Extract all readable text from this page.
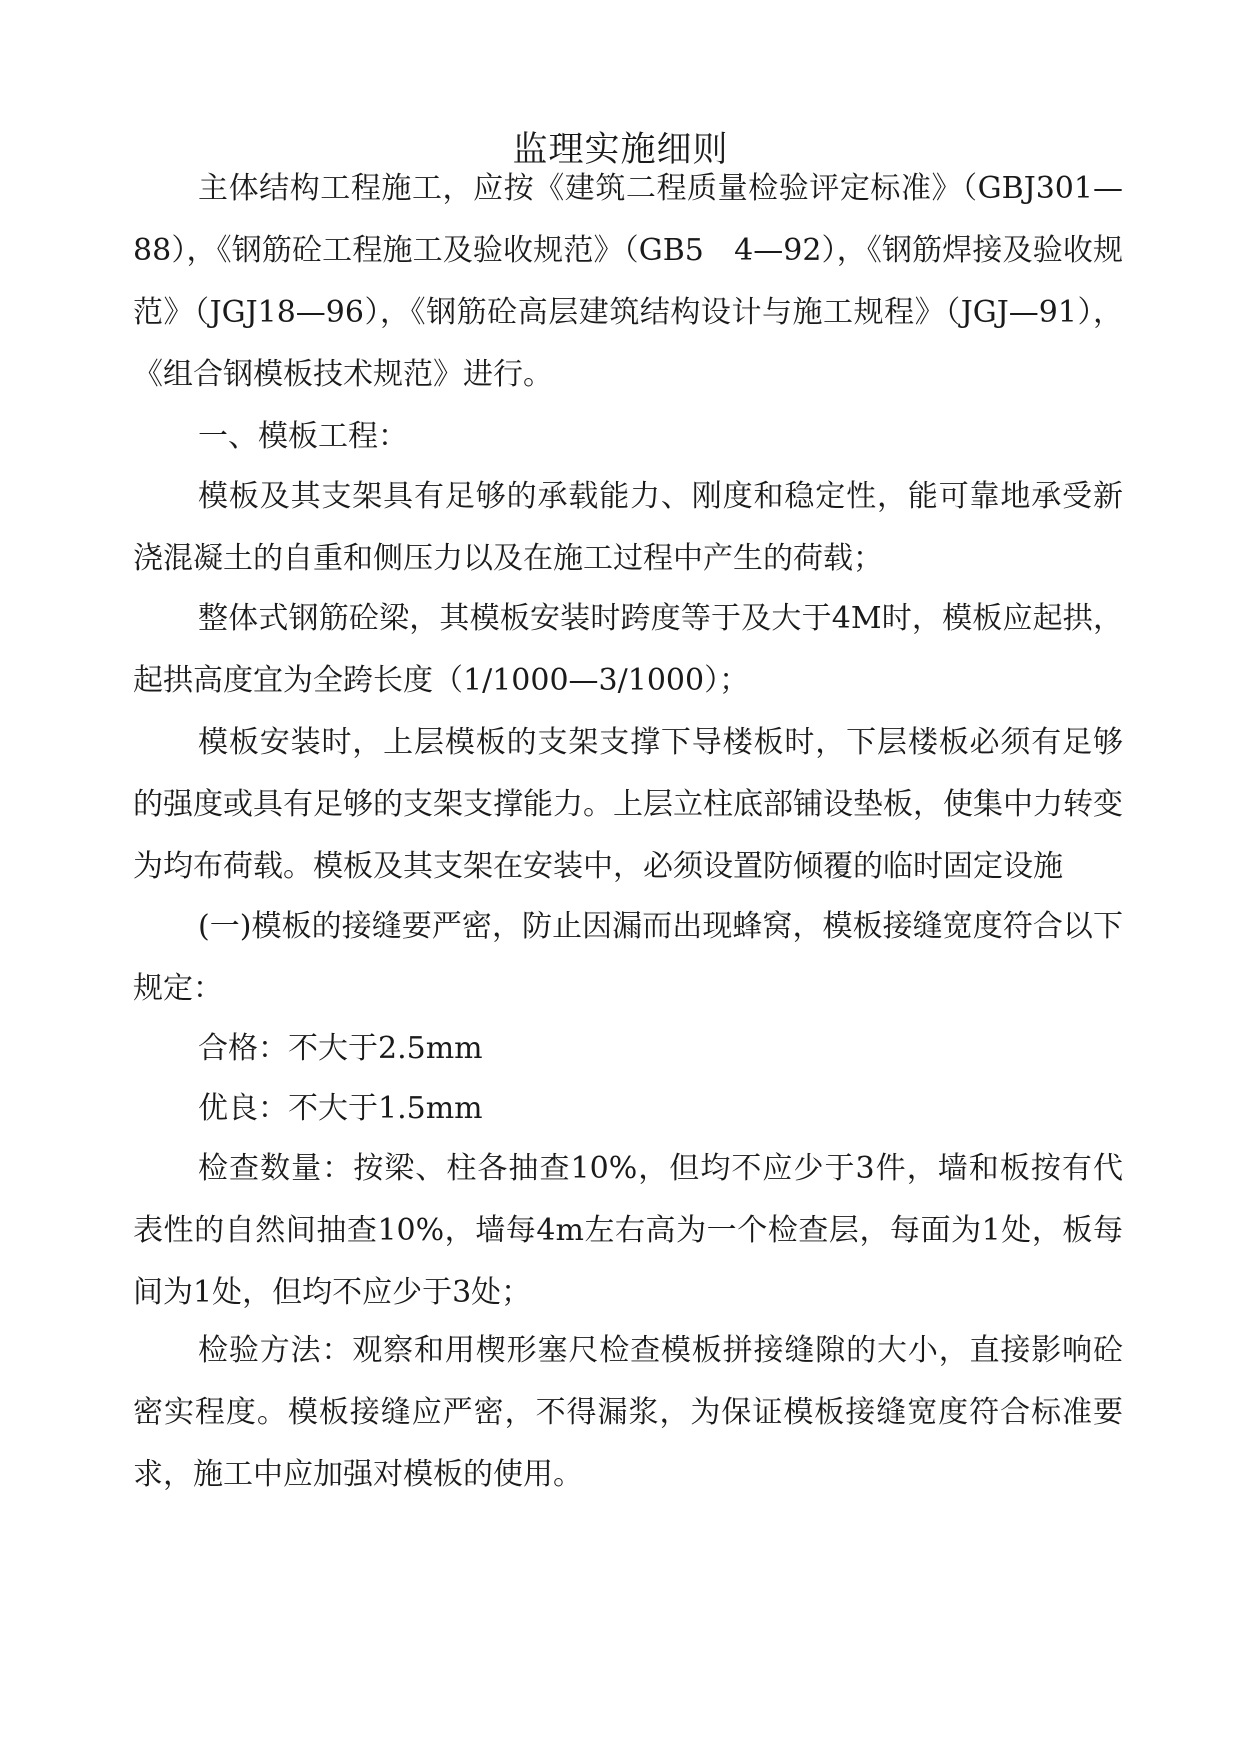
监理实施细则

主体结构工程施工，应按《建筑二程质量检验评定标准》（GBJ301—88），《钢筋砼工程施工及验收规范》（GB5　4—92），《钢筋焊接及验收规范》（JGJ18—96），《钢筋砼高层建筑结构设计与施工规程》（JGJ—91），《组合钢模板技术规范》进行。

一、模板工程：

模板及其支架具有足够的承载能力、刚度和稳定性，能可靠地承受新浇混凝土的自重和侧压力以及在施工过程中产生的荷载；

整体式钢筋砼梁，其模板安装时跨度等于及大于4M时，模板应起拱，起拱高度宜为全跨长度（1/1000—3/1000）；

模板安装时，上层模板的支架支撑下导楼板时，下层楼板必须有足够的强度或具有足够的支架支撑能力。上层立柱底部铺设垫板，使集中力转变为均布荷载。模板及其支架在安装中，必须设置防倾覆的临时固定设施

(一)模板的接缝要严密，防止因漏而出现蜂窝，模板接缝宽度符合以下规定：

合格：不大于2.5mm

优良：不大于1.5mm

检查数量：按梁、柱各抽查10%，但均不应少于3件，墙和板按有代表性的自然间抽查10%，墙每4m左右高为一个检查层，每面为1处，板每间为1处，但均不应少于3处；

检验方法：观察和用楔形塞尺检查模板拼接缝隙的大小，直接影响砼密实程度。模板接缝应严密，不得漏浆，为保证模板接缝宽度符合标准要求，施工中应加强对模板的使用。
